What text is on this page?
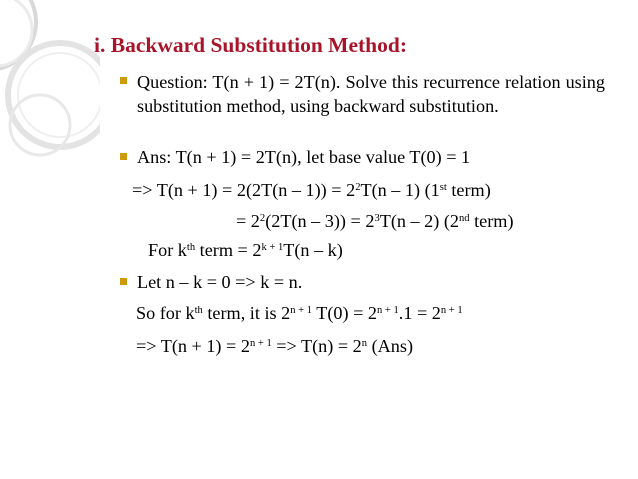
i. Backward Substitution Method:
Question: T(n + 1) = 2T(n). Solve this recurrence relation using substitution method, using backward substitution.
Ans: T(n + 1) = 2T(n), let base value T(0) = 1
=> $T(n + 1) = 2(2T(n - 1)) = 2^2T(n - 1)$ (1st term)
= $2^2(2T(n - 3)) = 2^3T(n - 2)$ (2nd term)
For $k^{th}$ term = $2^{k + 1}T(n - k)$
Let n – k = 0 => k = n.
So for $k^{th}$ term, it is $2^{n + 1}$ $T(0) = 2^{n + 1}.1 = 2^{n + 1}$
=> $T(n + 1) = 2^{n + 1} => T(n) = 2^n$ (Ans)
